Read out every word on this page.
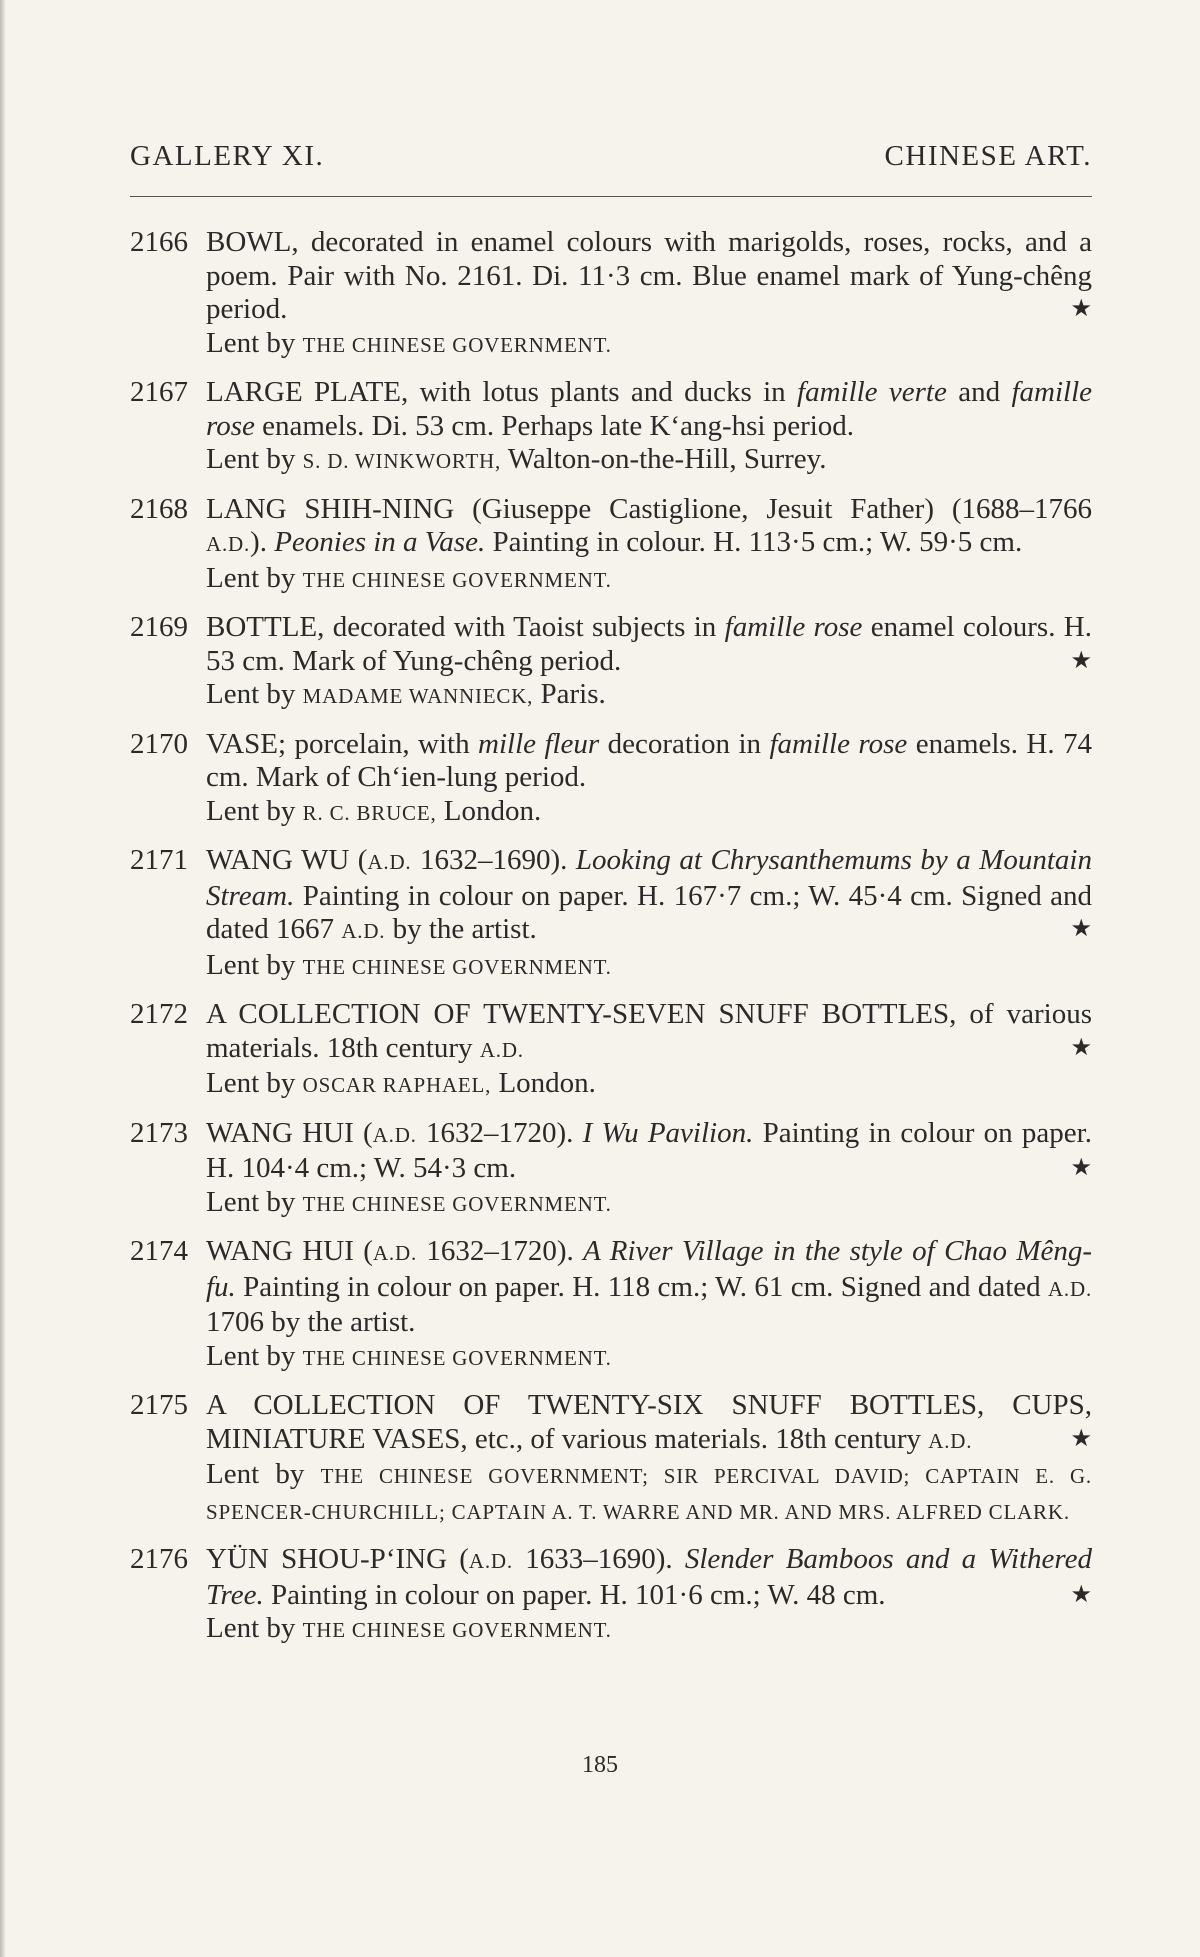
GALLERY XI.	CHINESE ART.
2166 BOWL, decorated in enamel colours with marigolds, roses, rocks, and a poem. Pair with No. 2161. Di. 11·3 cm. Blue enamel mark of Yung-chêng period.	★
Lent by THE CHINESE GOVERNMENT.
2167 LARGE PLATE, with lotus plants and ducks in famille verte and famille rose enamels. Di. 53 cm. Perhaps late K‘ang-hsi period.
Lent by S. D. WINKWORTH, Walton-on-the-Hill, Surrey.
2168 LANG SHIH-NING (Giuseppe Castiglione, Jesuit Father) (1688–1766 A.D.). Peonies in a Vase. Painting in colour. H. 113·5 cm.; W. 59·5 cm.
Lent by THE CHINESE GOVERNMENT.
2169 BOTTLE, decorated with Taoist subjects in famille rose enamel colours. H. 53 cm. Mark of Yung-chêng period.	★
Lent by MADAME WANNIECK, Paris.
2170 VASE; porcelain, with mille fleur decoration in famille rose enamels. H. 74 cm. Mark of Ch‘ien-lung period.
Lent by R. C. BRUCE, London.
2171 WANG WU (A.D. 1632–1690). Looking at Chrysanthemums by a Mountain Stream. Painting in colour on paper. H. 167·7 cm.; W. 45·4 cm. Signed and dated 1667 A.D. by the artist.	★
Lent by THE CHINESE GOVERNMENT.
2172 A COLLECTION OF TWENTY-SEVEN SNUFF BOTTLES, of various materials. 18th century A.D.	★
Lent by OSCAR RAPHAEL, London.
2173 WANG HUI (A.D. 1632–1720). I Wu Pavilion. Painting in colour on paper. H. 104·4 cm.; W. 54·3 cm.	★
Lent by THE CHINESE GOVERNMENT.
2174 WANG HUI (A.D. 1632–1720). A River Village in the style of Chao Mêng-fu. Painting in colour on paper. H. 118 cm.; W. 61 cm. Signed and dated A.D. 1706 by the artist.
Lent by THE CHINESE GOVERNMENT.
2175 A COLLECTION OF TWENTY-SIX SNUFF BOTTLES, CUPS, MINIATURE VASES, etc., of various materials. 18th century A.D.	★
Lent by THE CHINESE GOVERNMENT; SIR PERCIVAL DAVID; CAPTAIN E. G. SPENCER-CHURCHILL; CAPTAIN A. T. WARRE AND MR. AND MRS. ALFRED CLARK.
2176 YÜN SHOU-P‘ING (A.D. 1633–1690). Slender Bamboos and a Withered Tree. Painting in colour on paper. H. 101·6 cm.; W. 48 cm.	★
Lent by THE CHINESE GOVERNMENT.
185
